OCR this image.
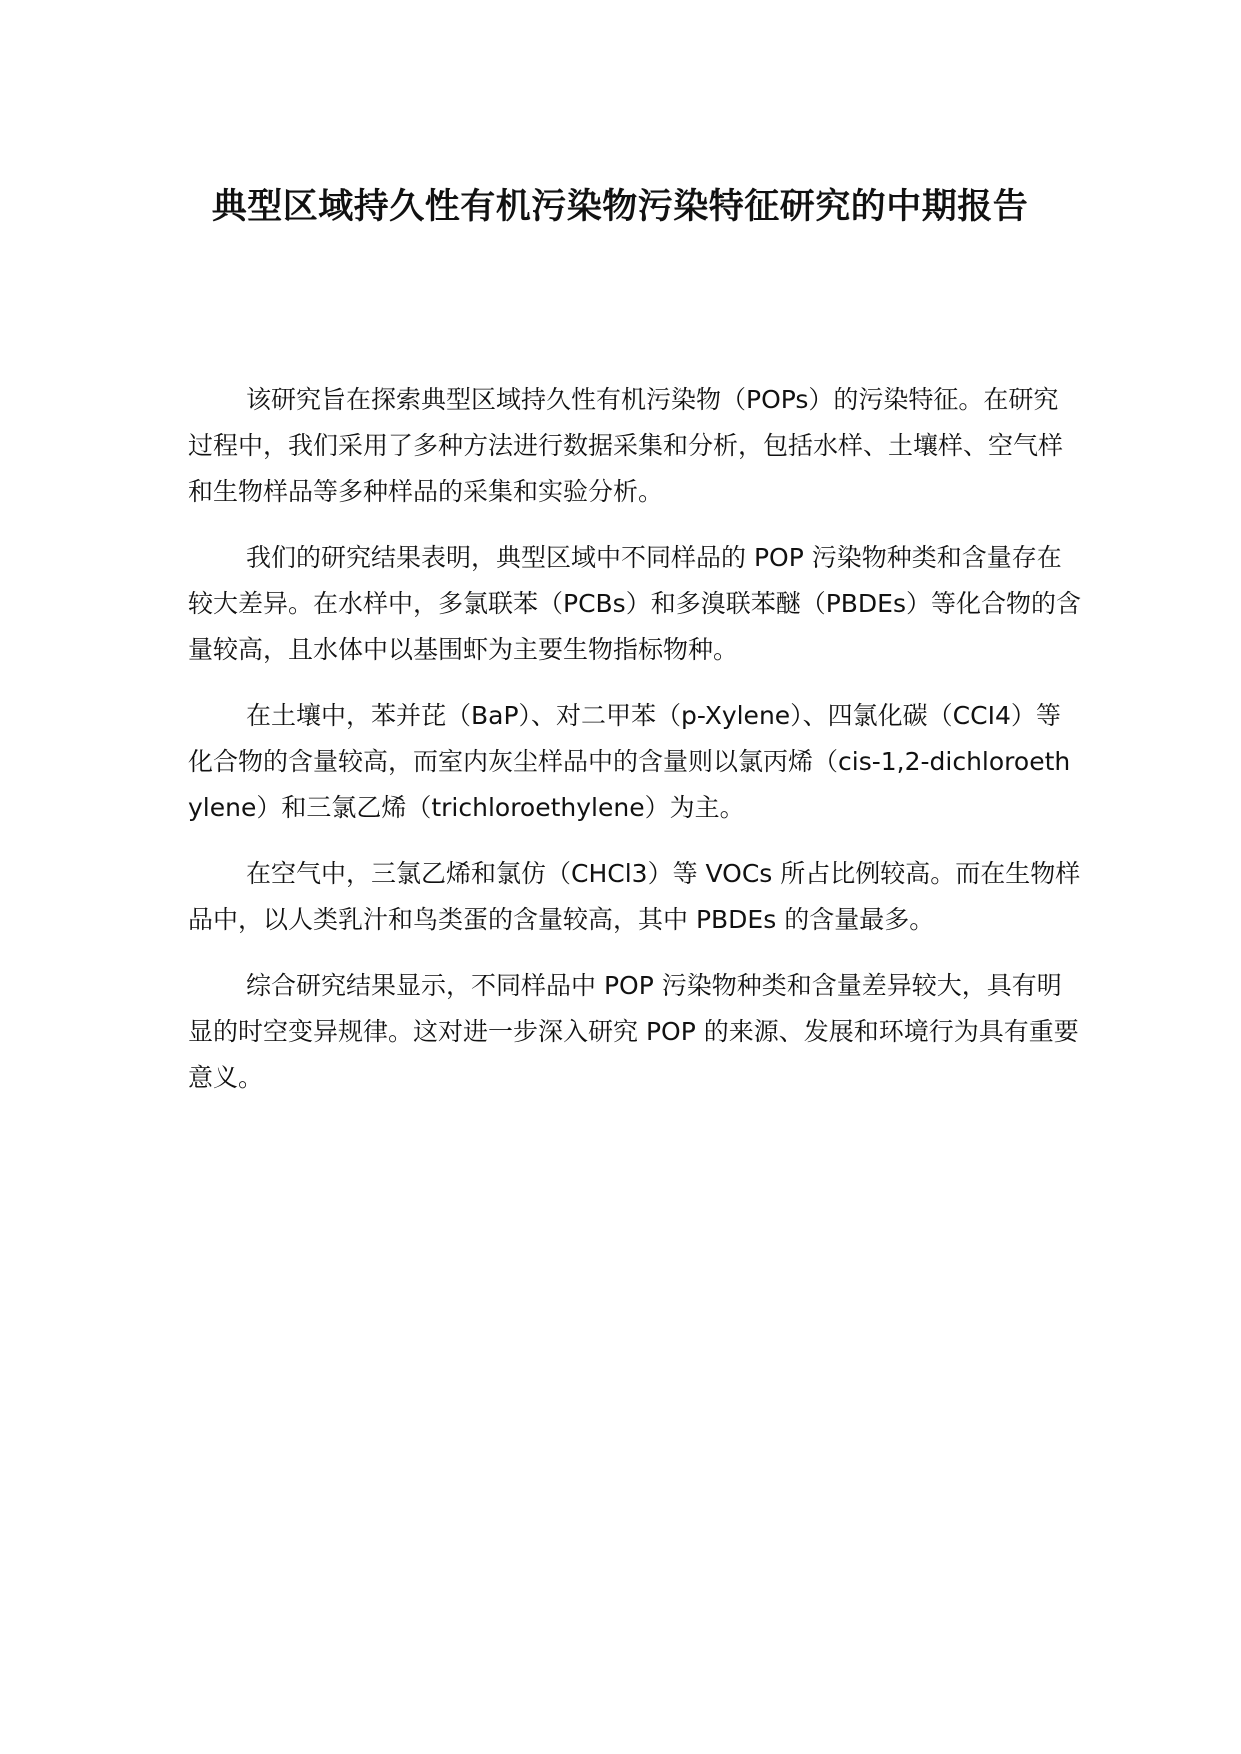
典型区域持久性有机污染物污染特征研究的中期报告

该研究旨在探索典型区域持久性有机污染物（POPs）的污染特征。在研究过程中，我们采用了多种方法进行数据采集和分析，包括水样、土壤样、空气样和生物样品等多种样品的采集和实验分析。

我们的研究结果表明，典型区域中不同样品的 POP 污染物种类和含量存在较大差异。在水样中，多氯联苯（PCBs）和多溴联苯醚（PBDEs）等化合物的含量较高，且水体中以基围虾为主要生物指标物种。

在土壤中，苯并芘（BaP）、对二甲苯（p-Xylene）、四氯化碳（CCI4）等化合物的含量较高，而室内灰尘样品中的含量则以氯丙烯（cis-1,2-dichloroethylene）和三氯乙烯（trichloroethylene）为主。

在空气中，三氯乙烯和氯仿（CHCl3）等 VOCs 所占比例较高。而在生物样品中，以人类乳汁和鸟类蛋的含量较高，其中 PBDEs 的含量最多。

综合研究结果显示，不同样品中 POP 污染物种类和含量差异较大，具有明显的时空变异规律。这对进一步深入研究 POP 的来源、发展和环境行为具有重要意义。
